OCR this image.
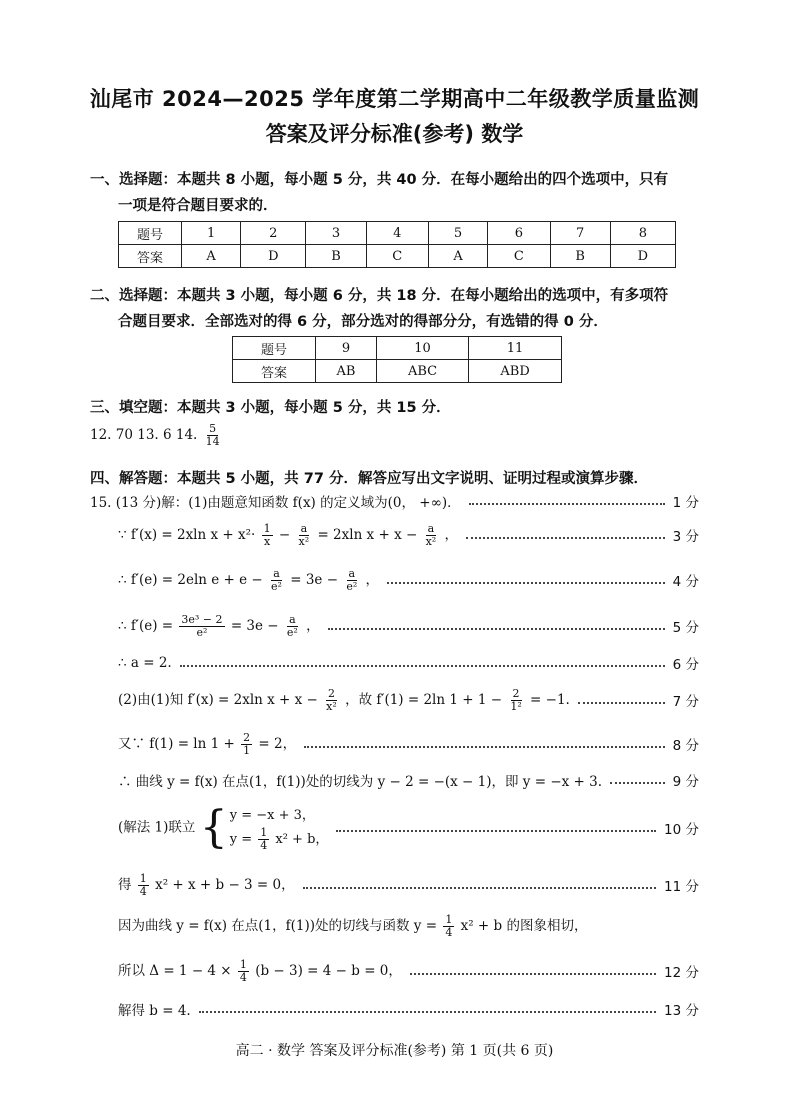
汕尾市 2024—2025 学年度第二学期高中二年级教学质量监测
答案及评分标准(参考) 数学
一、选择题：本题共 8 小题，每小题 5 分，共 40 分．在每小题给出的四个选项中，只有
一项是符合题目要求的．
题号	1	2	3	4	5	6	7	8
答案	A	D	B	C	A	C	B	D
二、选择题：本题共 3 小题，每小题 6 分，共 18 分．在每小题给出的选项中，有多项符
合题目要求．全部选对的得 6 分，部分选对的得部分分，有选错的得 0 分．
题号	9	10	11
答案	AB	ABC	ABD
三、填空题：本题共 3 小题，每小题 5 分，共 15 分．
12. 70 13. 6 14. $\frac{5}{14}$
四、解答题：本题共 5 小题，共 77 分．解答应写出文字说明、证明过程或演算步骤．
15. (13 分)解：(1)由题意知函数 f(x) 的定义域为(0， +∞)．	1 分
∵ f′(x) = 2xln $x + x^2\cdot \frac{1}{x} - \frac{a}{\text{x²}} = 2xln$ $x + x - \frac{a}{\text{x²}}$ ，	3 分
∴ f′(e) = 2eln $e + e - \frac{a}{\text{e²}} = 3e - \frac{a}{\text{e²}}$ ，	4 分
∴ $f'(e) = \frac{\text{3e³ − 2}}{\text{e²}} = 3e - \frac{a}{\text{e²}}$ ，	5 分
∴ a = 2.	6 分
(2)由(1)知 f′(x) = 2xln $x + x - \frac{2}{\text{x²}}$ ，故 f′(1) = 2ln $1 + 1 - \frac{2}{\text{1²}} = -1$.	7 分
又∵ $f(1) = \ln 1 + \frac{2}{1} = 2$，	8 分
∴ 曲线 y = f(x) 在点(1，f(1))处的切线为 y − 2 = −(x − 1)，即 y = −x + 3.	9 分
(解法 1)联立 { y = −x + 3，
$y = \frac{1}{4} x^2 + b$，
10 分
得 $\frac{1}{4} x^2 + x + b - 3 = 0$，	11 分
因为曲线 y = f(x) 在点(1，f(1))处的切线与函数 $y = \frac{1}{4} x^2 + b$ 的图象相切，
所以 $\Delta = 1 - 4 \times \frac{1}{4} (b - 3) = 4 - b = 0$，	12 分
解得 b = 4.	13 分
高二 · 数学 答案及评分标准(参考) 第 1 页(共 6 页)
